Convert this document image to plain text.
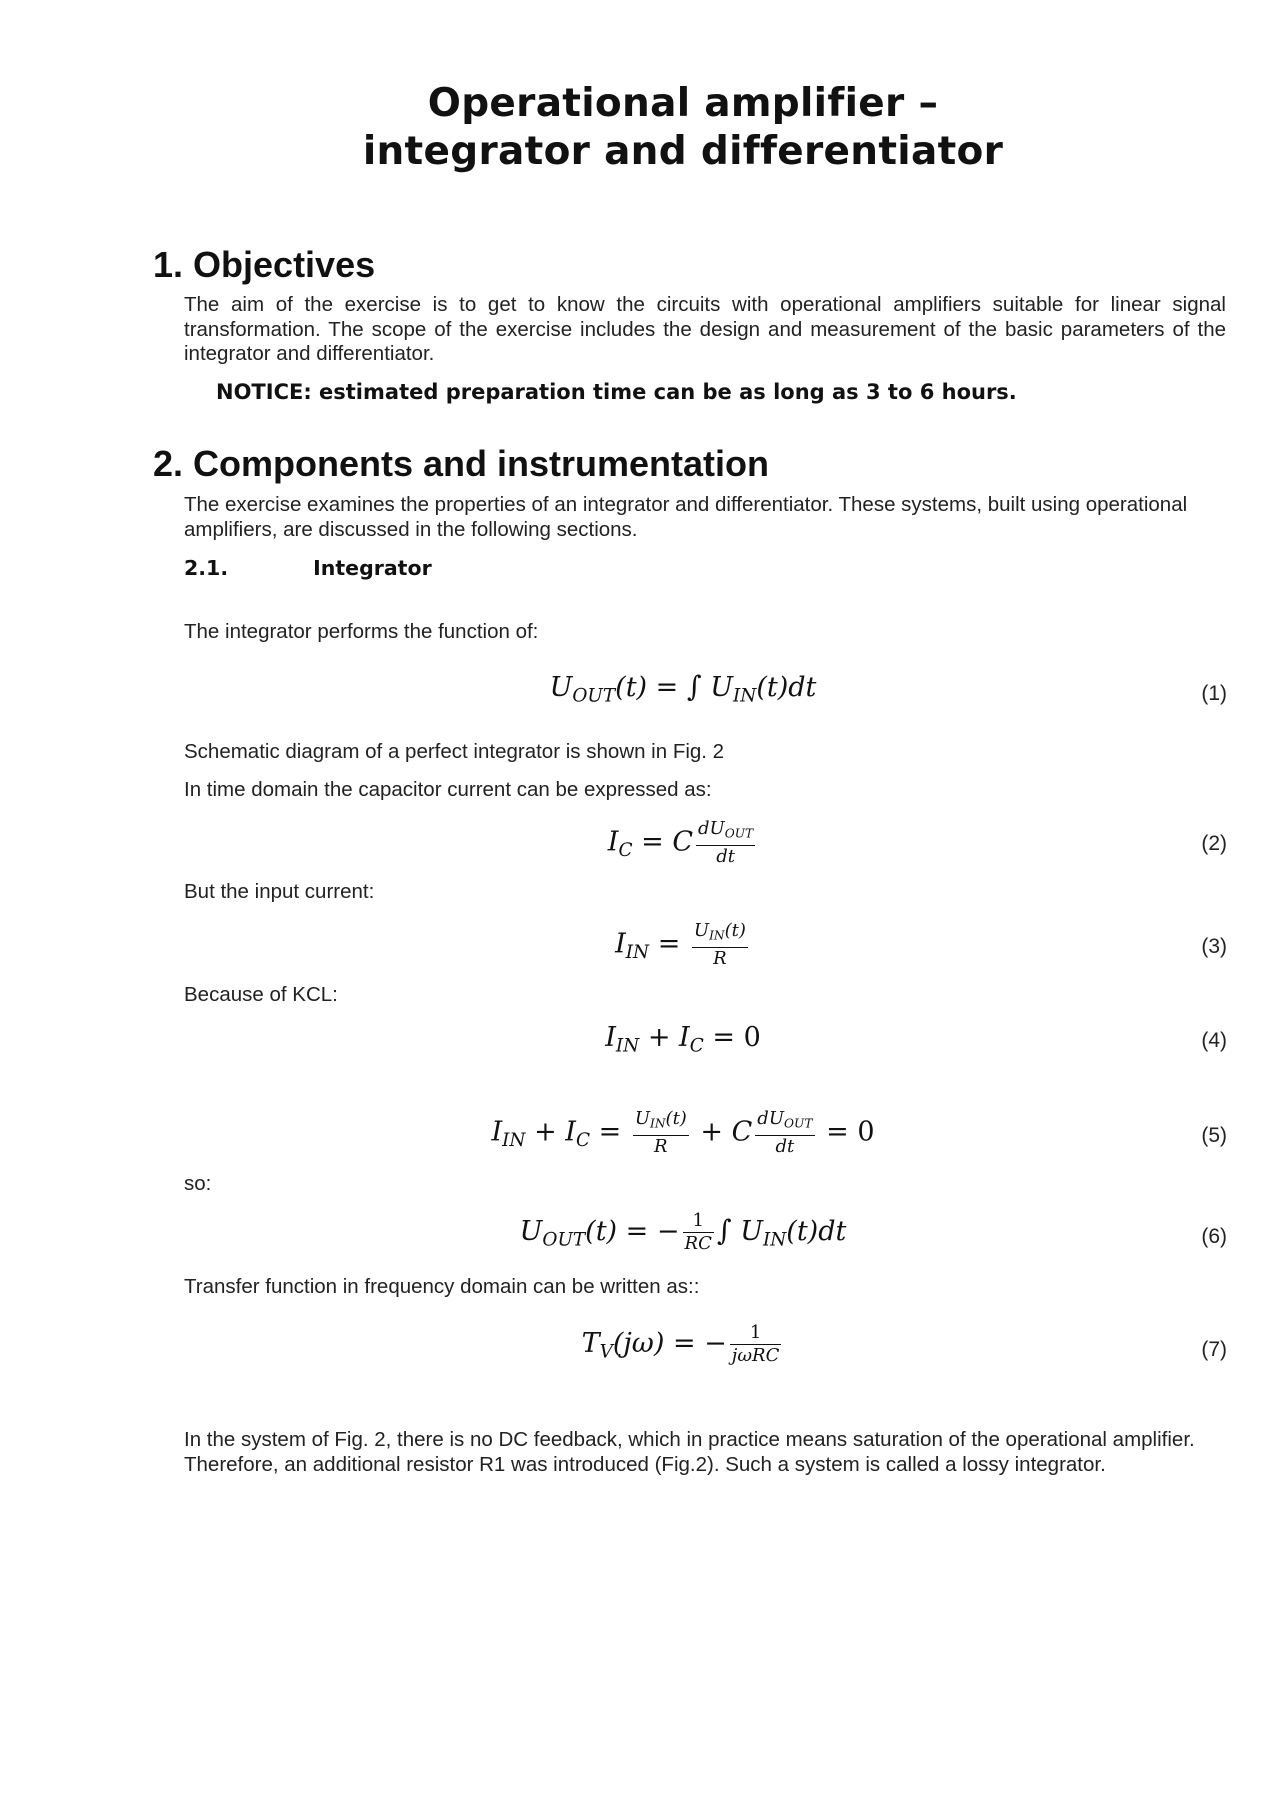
Operational amplifier –
integrator and differentiator
1. Objectives
The aim of the exercise is to get to know the circuits with operational amplifiers suitable for linear signal transformation. The scope of the exercise includes the design and measurement of the basic parameters of the integrator and differentiator.
NOTICE: estimated preparation time can be as long as 3 to 6 hours.
2. Components and instrumentation
The exercise examines the properties of an integrator and differentiator. These systems, built using operational amplifiers, are discussed in the following sections.
2.1.	Integrator
The integrator performs the function of:
$U_{OUT}(t)$ = ∫ $U_{IN}(t)dt$	(1)
Schematic diagram of a perfect integrator is shown in Fig. 2
In time domain the capacitor current can be expressed as:
$I_C = C \frac{dU_{OUT}}{dt}$	(2)
But the input current:
$I_{IN} = \frac{U_{IN}(t)}{R}$	(3)
Because of KCL:
$I_{IN} + I_C = 0$	(4)
$I_{IN} + I_C = \frac{U_{IN}(t)}{R} + C \frac{dU_{OUT}}{dt} = 0$	(5)
so:
$U_{OUT}(t)$ = − $\frac{1}{RC}$ ∫ $U_{IN}(t)dt$	(6)
Transfer function in frequency domain can be written as::
$T_V(j\omega)$ = − $\frac{1}{\text{jωRC}}$	(7)
In the system of Fig. 2, there is no DC feedback, which in practice means saturation of the operational amplifier. Therefore, an additional resistor R1 was introduced (Fig.2). Such a system is called a lossy integrator.
